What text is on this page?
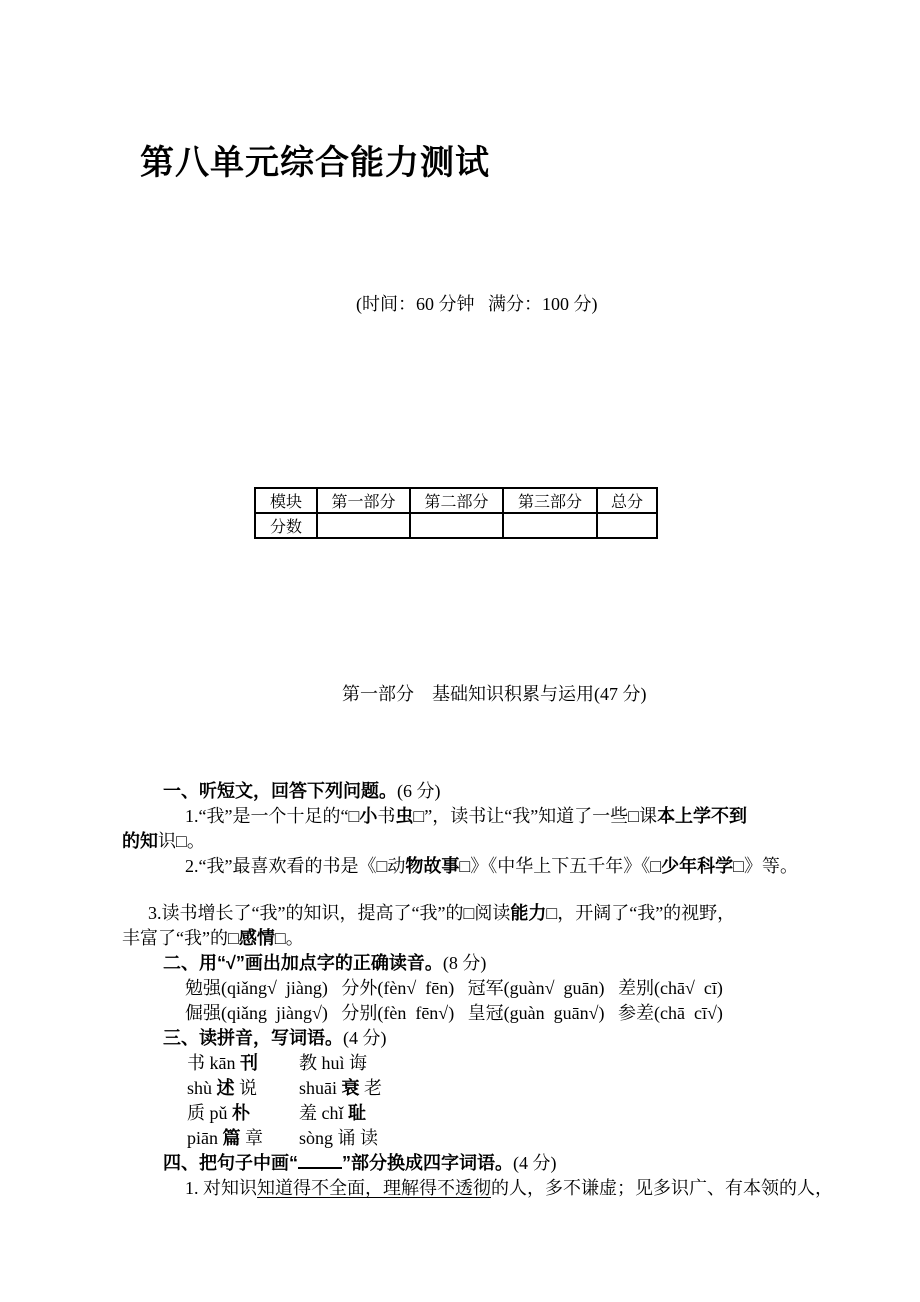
第八单元综合能力测试
(时间：60 分钟   满分：100 分)
模块	第一部分	第二部分	第三部分	总分
分数				
第一部分    基础知识积累与运用(47 分)
一、听短文，回答下列问题。(6 分)
1.“我”是一个十足的“□小书虫□”，读书让“我”知道了一些□课本上学不到
的知识□。
2.“我”最喜欢看的书是《□动物故事□》《中华上下五千年》《□少年科学□》等。
3.读书增长了“我”的知识，提高了“我”的□阅读能力□，开阔了“我”的视野，
丰富了“我”的□感情□。
二、用“√”画出加点字的正确读音。(8 分)
勉强(qiǎng√  jiàng)   分外(fèn√  fēn)   冠军(guàn√  guān)   差别(chā√  cī)
倔强(qiǎng  jiàng√)   分别(fèn  fēn√)   皇冠(guàn  guān√)   参差(chā  cī√)
三、读拼音，写词语。(4 分)
书 kān 刊	教 huì 诲
shù 述 说	shuāi 衰 老
质 pǔ 朴	羞 chǐ 耻
piān 篇 章	sòng 诵 读
四、把句子中画“ ”部分换成四字词语。(4 分)
1. 对知识知道得不全面，理解得不透彻的人，多不谦虚；见多识广、有本领的人，
